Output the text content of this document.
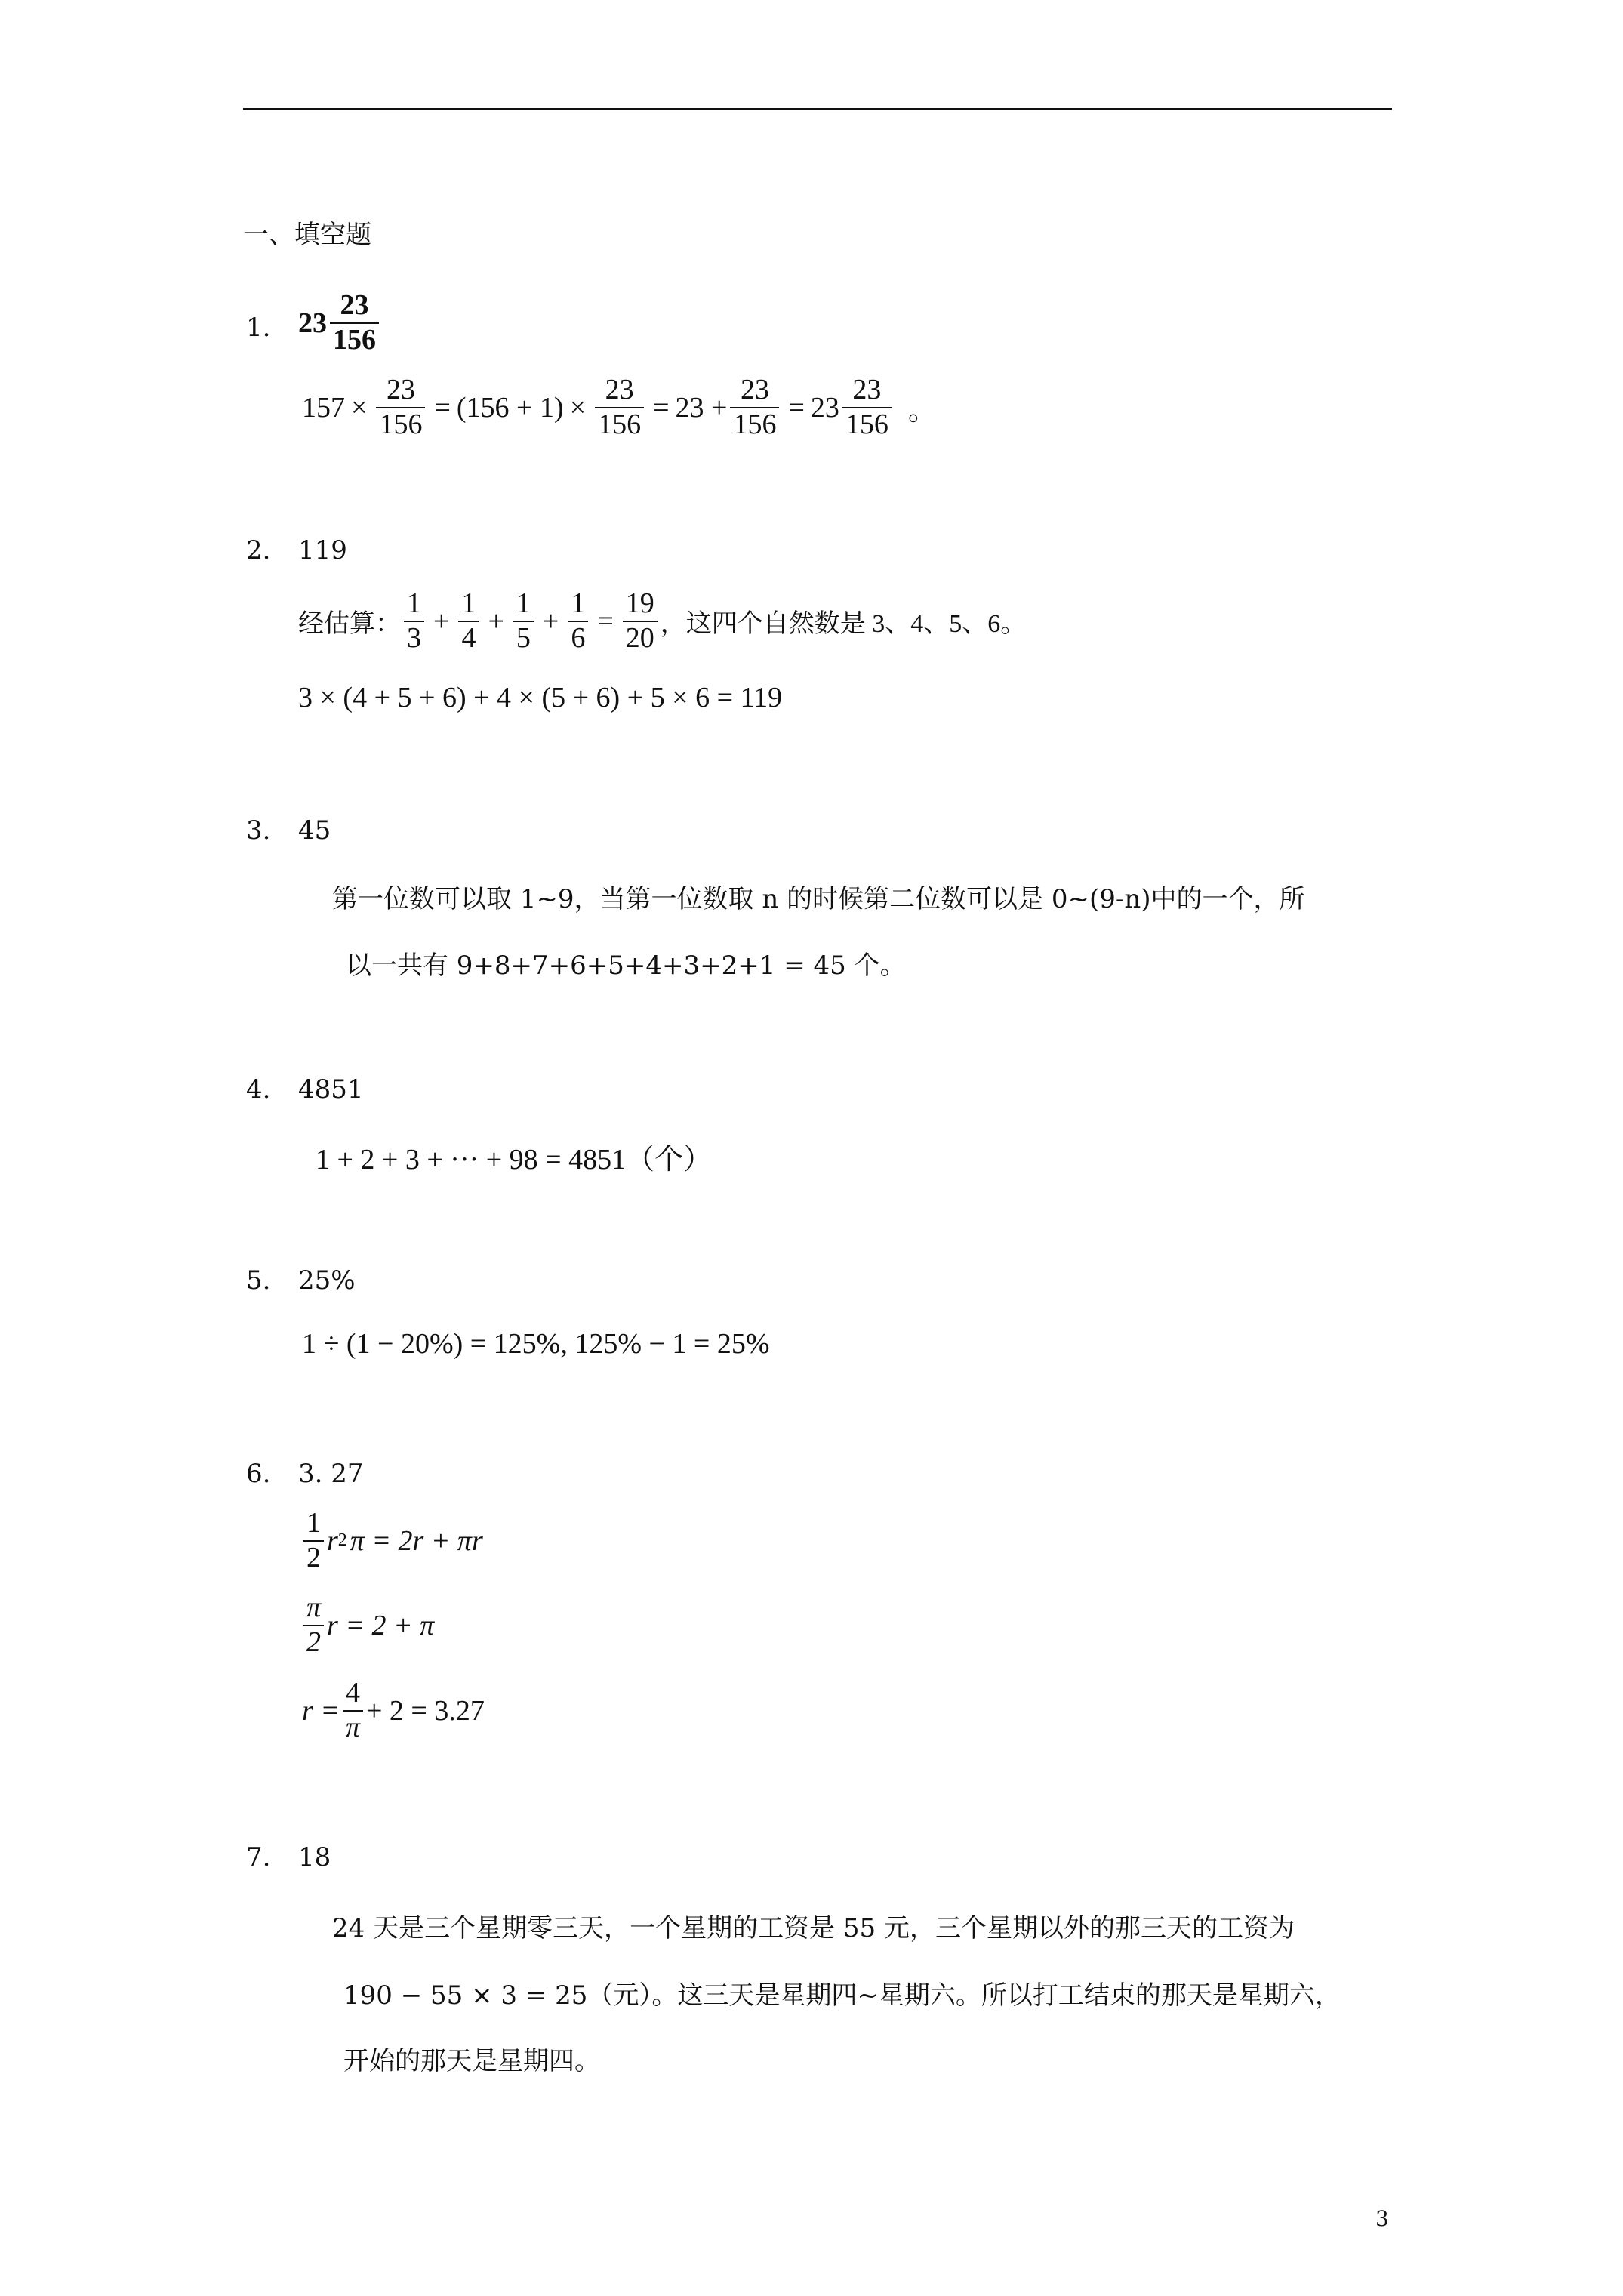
一、填空题
1. $23 \frac{23}{156}$
$157 \times \frac{23}{156} = (156 + 1) \times \frac{23}{156} = 23 + \frac{23}{156} = 23 \frac{23}{156}$ 。
2. 119
经估算： $\frac{1}{3} + \frac{1}{4} + \frac{1}{5} + \frac{1}{6} = \frac{19}{20}$ ，这四个自然数是 3、4、5、6。
3 × (4 + 5 + 6) + 4 × (5 + 6) + 5 × 6 = 119
3. 45
第一位数可以取 1~9，当第一位数取 n 的时候第二位数可以是 0~(9-n)中的一个，所
以一共有 9+8+7+6+5+4+3+2+1 = 45 个。
4. 4851
1 + 2 + 3 + ··· + 98 = 4851（个）
5. 25%
1 ÷ (1 − 20%) = 125%, 125% − 1 = 25%
6. 3. 27
$\frac{1}{2}$ r 2 π = 2r + πr
$\frac{\pi}{2}$ r = 2 + π
$r = \frac{4}{\pi} + 2 = 3.27$
7. 18
24 天是三个星期零三天，一个星期的工资是 55 元，三个星期以外的那三天的工资为
190 − 55 × 3 = 25（元）。这三天是星期四~星期六。所以打工结束的那天是星期六，
开始的那天是星期四。
3
